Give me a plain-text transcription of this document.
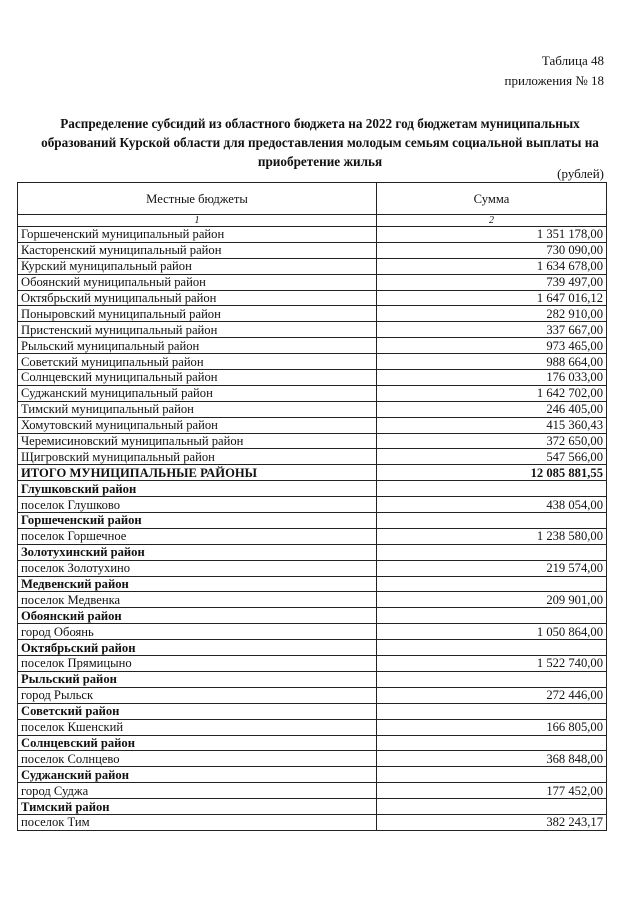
Таблица 48
приложения № 18
Распределение субсидий из областного бюджета на 2022 год бюджетам муниципальных образований Курской области для предоставления молодым семьям социальной выплаты на приобретение жилья
(рублей)
Местные бюджеты	Сумма
1	2
Горшеченский муниципальный район	1 351 178,00
Касторенский муниципальный район	730 090,00
Курский муниципальный район	1 634 678,00
Обоянский муниципальный район	739 497,00
Октябрьский муниципальный район	1 647 016,12
Поныровский муниципальный район	282 910,00
Пристенский муниципальный район	337 667,00
Рыльский муниципальный район	973 465,00
Советский муниципальный район	988 664,00
Солнцевский муниципальный район	176 033,00
Суджанский муниципальный район	1 642 702,00
Тимский муниципальный район	246 405,00
Хомутовский муниципальный район	415 360,43
Черемисиновский муниципальный район	372 650,00
Щигровский муниципальный район	547 566,00
ИТОГО МУНИЦИПАЛЬНЫЕ РАЙОНЫ	12 085 881,55
Глушковский район	
поселок Глушково	438 054,00
Горшеченский район	
поселок Горшечное	1 238 580,00
Золотухинский район	
поселок Золотухино	219 574,00
Медвенский район	
поселок Медвенка	209 901,00
Обоянский район	
город Обоянь	1 050 864,00
Октябрьский район	
поселок Прямицыно	1 522 740,00
Рыльский район	
город Рыльск	272 446,00
Советский район	
поселок Кшенский	166 805,00
Солнцевский район	
поселок Солнцево	368 848,00
Суджанский район	
город Суджа	177 452,00
Тимский район	
поселок Тим	382 243,17
